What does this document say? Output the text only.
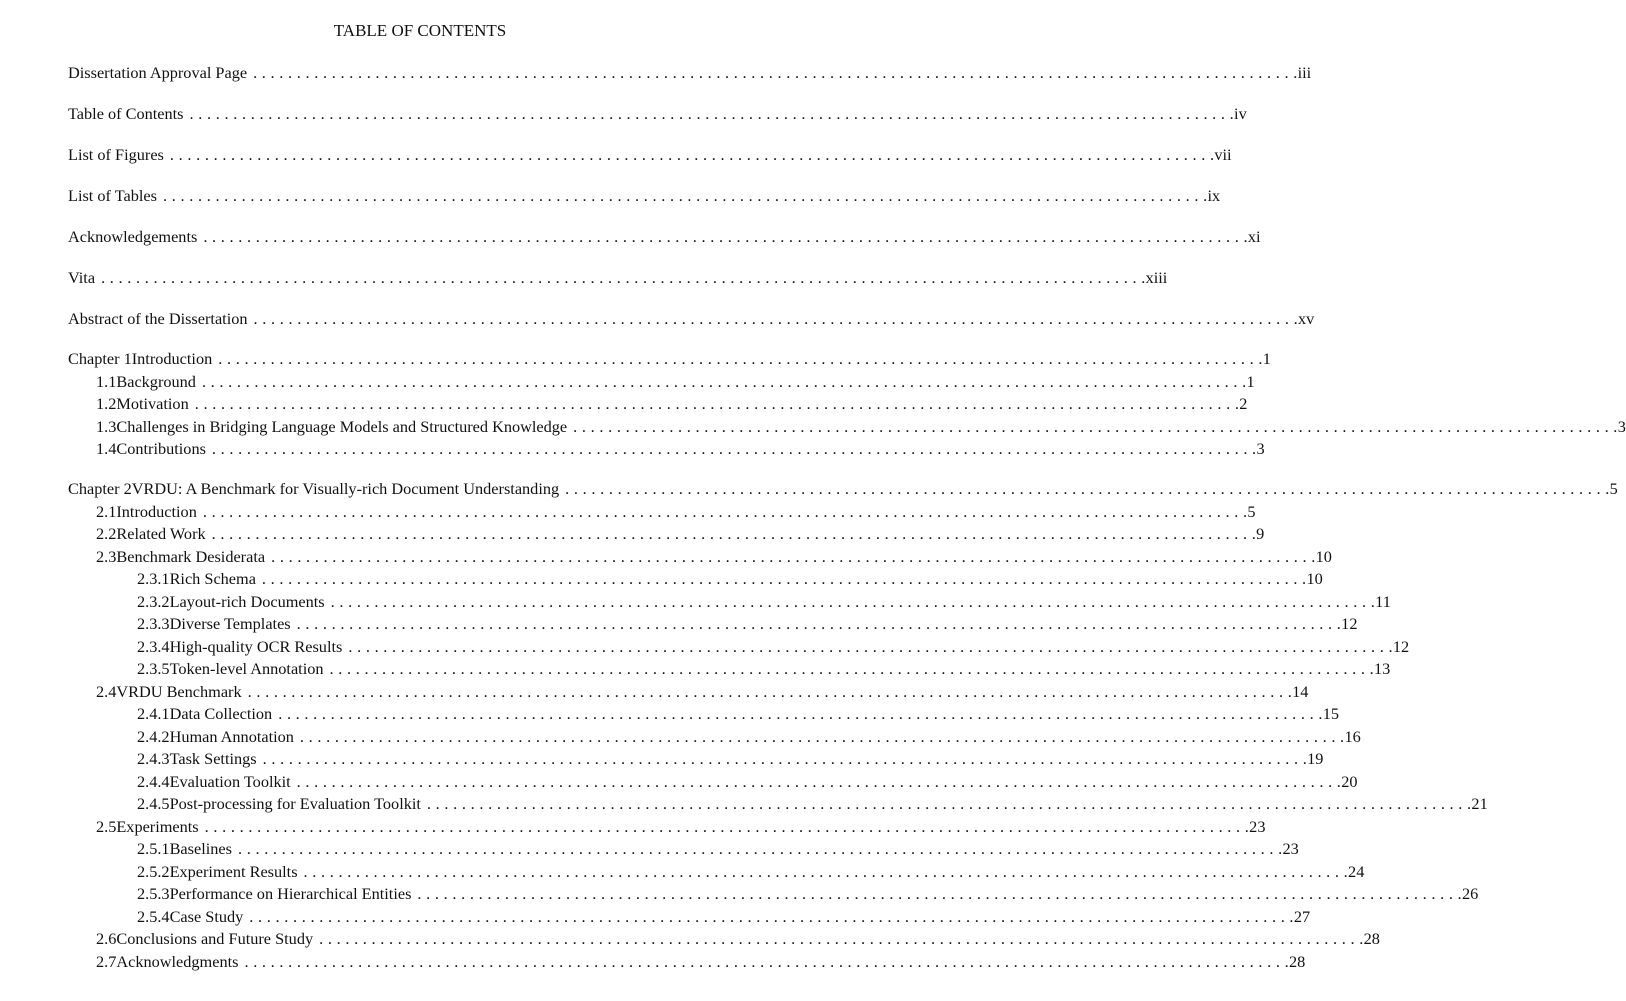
TABLE OF CONTENTS
Dissertation Approval Page . . . . . . . . . . . . . . . . . . . . . . . . . . . . . . . . . . . . . . . . . . . . . . . . . . . . . . . . . . . . . . . . . . . . . . . . . . . . . . . . . . . . . . . . . . . . . . . . . . . . . . . . . . . . . . . . . . . . . . . . iii
Table of Contents . . . . . . . . . . . . . . . . . . . . . . . . . . . . . . . . . . . . . . . . . . . . . . . . . . . . . . . . . . . . . . . . . . . . . . . . . . . . . . . . . . . . . . . . . . . . . . . . . . . . . . . . . . . . . . . . . . . . . . . . iv
List of Figures . . . . . . . . . . . . . . . . . . . . . . . . . . . . . . . . . . . . . . . . . . . . . . . . . . . . . . . . . . . . . . . . . . . . . . . . . . . . . . . . . . . . . . . . . . . . . . . . . . . . . . . . . . . . . . . . . . . . . . . . vii
List of Tables . . . . . . . . . . . . . . . . . . . . . . . . . . . . . . . . . . . . . . . . . . . . . . . . . . . . . . . . . . . . . . . . . . . . . . . . . . . . . . . . . . . . . . . . . . . . . . . . . . . . . . . . . . . . . . . . . . . . . . . . ix
Acknowledgements . . . . . . . . . . . . . . . . . . . . . . . . . . . . . . . . . . . . . . . . . . . . . . . . . . . . . . . . . . . . . . . . . . . . . . . . . . . . . . . . . . . . . . . . . . . . . . . . . . . . . . . . . . . . . . . . . . . . . . . . xi
Vita . . . . . . . . . . . . . . . . . . . . . . . . . . . . . . . . . . . . . . . . . . . . . . . . . . . . . . . . . . . . . . . . . . . . . . . . . . . . . . . . . . . . . . . . . . . . . . . . . . . . . . . . . . . . . . . . . . . . . . . . xiii
Abstract of the Dissertation . . . . . . . . . . . . . . . . . . . . . . . . . . . . . . . . . . . . . . . . . . . . . . . . . . . . . . . . . . . . . . . . . . . . . . . . . . . . . . . . . . . . . . . . . . . . . . . . . . . . . . . . . . . . . . . . . . . . . . . . xv
Chapter 1 Introduction . . . . . . . . . . . . . . . . . . . . . . . . . . . . . . . . . . . . . . . . . . . . . . . . . . . . . . . . . . . . . . . . . . . . . . . . . . . . . . . . . . . . . . . . . . . . . . . . . . . . . . . . . . . . . . . . . . . . . . . . 1
1.1 Background . . . . . . . . . . . . . . . . . . . . . . . . . . . . . . . . . . . . . . . . . . . . . . . . . . . . . . . . . . . . . . . . . . . . . . . . . . . . . . . . . . . . . . . . . . . . . . . . . . . . . . . . . . . . . . . . . . . . . . . . 1
1.2 Motivation . . . . . . . . . . . . . . . . . . . . . . . . . . . . . . . . . . . . . . . . . . . . . . . . . . . . . . . . . . . . . . . . . . . . . . . . . . . . . . . . . . . . . . . . . . . . . . . . . . . . . . . . . . . . . . . . . . . . . . . . 2
1.3 Challenges in Bridging Language Models and Structured Knowledge . . . . . . . . . . . . . . . . . . . . . . . . . . . . . . . . . . . . . . . . . . . . . . . . . . . . . . . . . . . . . . . . . . . . . . . . . . . . . . . . . . . . . . . . . . . . . . . . . . . . . . . . . . . . . . . . . . . . . . . . 3
1.4 Contributions . . . . . . . . . . . . . . . . . . . . . . . . . . . . . . . . . . . . . . . . . . . . . . . . . . . . . . . . . . . . . . . . . . . . . . . . . . . . . . . . . . . . . . . . . . . . . . . . . . . . . . . . . . . . . . . . . . . . . . . . 3
Chapter 2 VRDU: A Benchmark for Visually-rich Document Understanding . . . . . . . . . . . . . . . . . . . . . . . . . . . . . . . . . . . . . . . . . . . . . . . . . . . . . . . . . . . . . . . . . . . . . . . . . . . . . . . . . . . . . . . . . . . . . . . . . . . . . . . . . . . . . . . . . . . . . . . . 5
2.1 Introduction . . . . . . . . . . . . . . . . . . . . . . . . . . . . . . . . . . . . . . . . . . . . . . . . . . . . . . . . . . . . . . . . . . . . . . . . . . . . . . . . . . . . . . . . . . . . . . . . . . . . . . . . . . . . . . . . . . . . . . . . 5
2.2 Related Work . . . . . . . . . . . . . . . . . . . . . . . . . . . . . . . . . . . . . . . . . . . . . . . . . . . . . . . . . . . . . . . . . . . . . . . . . . . . . . . . . . . . . . . . . . . . . . . . . . . . . . . . . . . . . . . . . . . . . . . . 9
2.3 Benchmark Desiderata . . . . . . . . . . . . . . . . . . . . . . . . . . . . . . . . . . . . . . . . . . . . . . . . . . . . . . . . . . . . . . . . . . . . . . . . . . . . . . . . . . . . . . . . . . . . . . . . . . . . . . . . . . . . . . . . . . . . . . . . 10
2.3.1 Rich Schema . . . . . . . . . . . . . . . . . . . . . . . . . . . . . . . . . . . . . . . . . . . . . . . . . . . . . . . . . . . . . . . . . . . . . . . . . . . . . . . . . . . . . . . . . . . . . . . . . . . . . . . . . . . . . . . . . . . . . . . . 10
2.3.2 Layout-rich Documents . . . . . . . . . . . . . . . . . . . . . . . . . . . . . . . . . . . . . . . . . . . . . . . . . . . . . . . . . . . . . . . . . . . . . . . . . . . . . . . . . . . . . . . . . . . . . . . . . . . . . . . . . . . . . . . . . . . . . . . . 11
2.3.3 Diverse Templates . . . . . . . . . . . . . . . . . . . . . . . . . . . . . . . . . . . . . . . . . . . . . . . . . . . . . . . . . . . . . . . . . . . . . . . . . . . . . . . . . . . . . . . . . . . . . . . . . . . . . . . . . . . . . . . . . . . . . . . . 12
2.3.4 High-quality OCR Results . . . . . . . . . . . . . . . . . . . . . . . . . . . . . . . . . . . . . . . . . . . . . . . . . . . . . . . . . . . . . . . . . . . . . . . . . . . . . . . . . . . . . . . . . . . . . . . . . . . . . . . . . . . . . . . . . . . . . . . . 12
2.3.5 Token-level Annotation . . . . . . . . . . . . . . . . . . . . . . . . . . . . . . . . . . . . . . . . . . . . . . . . . . . . . . . . . . . . . . . . . . . . . . . . . . . . . . . . . . . . . . . . . . . . . . . . . . . . . . . . . . . . . . . . . . . . . . . . 13
2.4 VRDU Benchmark . . . . . . . . . . . . . . . . . . . . . . . . . . . . . . . . . . . . . . . . . . . . . . . . . . . . . . . . . . . . . . . . . . . . . . . . . . . . . . . . . . . . . . . . . . . . . . . . . . . . . . . . . . . . . . . . . . . . . . . . 14
2.4.1 Data Collection . . . . . . . . . . . . . . . . . . . . . . . . . . . . . . . . . . . . . . . . . . . . . . . . . . . . . . . . . . . . . . . . . . . . . . . . . . . . . . . . . . . . . . . . . . . . . . . . . . . . . . . . . . . . . . . . . . . . . . . . 15
2.4.2 Human Annotation . . . . . . . . . . . . . . . . . . . . . . . . . . . . . . . . . . . . . . . . . . . . . . . . . . . . . . . . . . . . . . . . . . . . . . . . . . . . . . . . . . . . . . . . . . . . . . . . . . . . . . . . . . . . . . . . . . . . . . . . 16
2.4.3 Task Settings . . . . . . . . . . . . . . . . . . . . . . . . . . . . . . . . . . . . . . . . . . . . . . . . . . . . . . . . . . . . . . . . . . . . . . . . . . . . . . . . . . . . . . . . . . . . . . . . . . . . . . . . . . . . . . . . . . . . . . . . 19
2.4.4 Evaluation Toolkit . . . . . . . . . . . . . . . . . . . . . . . . . . . . . . . . . . . . . . . . . . . . . . . . . . . . . . . . . . . . . . . . . . . . . . . . . . . . . . . . . . . . . . . . . . . . . . . . . . . . . . . . . . . . . . . . . . . . . . . . 20
2.4.5 Post-processing for Evaluation Toolkit . . . . . . . . . . . . . . . . . . . . . . . . . . . . . . . . . . . . . . . . . . . . . . . . . . . . . . . . . . . . . . . . . . . . . . . . . . . . . . . . . . . . . . . . . . . . . . . . . . . . . . . . . . . . . . . . . . . . . . . . 21
2.5 Experiments . . . . . . . . . . . . . . . . . . . . . . . . . . . . . . . . . . . . . . . . . . . . . . . . . . . . . . . . . . . . . . . . . . . . . . . . . . . . . . . . . . . . . . . . . . . . . . . . . . . . . . . . . . . . . . . . . . . . . . . . 23
2.5.1 Baselines . . . . . . . . . . . . . . . . . . . . . . . . . . . . . . . . . . . . . . . . . . . . . . . . . . . . . . . . . . . . . . . . . . . . . . . . . . . . . . . . . . . . . . . . . . . . . . . . . . . . . . . . . . . . . . . . . . . . . . . . 23
2.5.2 Experiment Results . . . . . . . . . . . . . . . . . . . . . . . . . . . . . . . . . . . . . . . . . . . . . . . . . . . . . . . . . . . . . . . . . . . . . . . . . . . . . . . . . . . . . . . . . . . . . . . . . . . . . . . . . . . . . . . . . . . . . . . . 24
2.5.3 Performance on Hierarchical Entities . . . . . . . . . . . . . . . . . . . . . . . . . . . . . . . . . . . . . . . . . . . . . . . . . . . . . . . . . . . . . . . . . . . . . . . . . . . . . . . . . . . . . . . . . . . . . . . . . . . . . . . . . . . . . . . . . . . . . . . . 26
2.5.4 Case Study . . . . . . . . . . . . . . . . . . . . . . . . . . . . . . . . . . . . . . . . . . . . . . . . . . . . . . . . . . . . . . . . . . . . . . . . . . . . . . . . . . . . . . . . . . . . . . . . . . . . . . . . . . . . . . . . . . . . . . . . 27
2.6 Conclusions and Future Study . . . . . . . . . . . . . . . . . . . . . . . . . . . . . . . . . . . . . . . . . . . . . . . . . . . . . . . . . . . . . . . . . . . . . . . . . . . . . . . . . . . . . . . . . . . . . . . . . . . . . . . . . . . . . . . . . . . . . . . . 28
2.7 Acknowledgments . . . . . . . . . . . . . . . . . . . . . . . . . . . . . . . . . . . . . . . . . . . . . . . . . . . . . . . . . . . . . . . . . . . . . . . . . . . . . . . . . . . . . . . . . . . . . . . . . . . . . . . . . . . . . . . . . . . . . . . . 28
